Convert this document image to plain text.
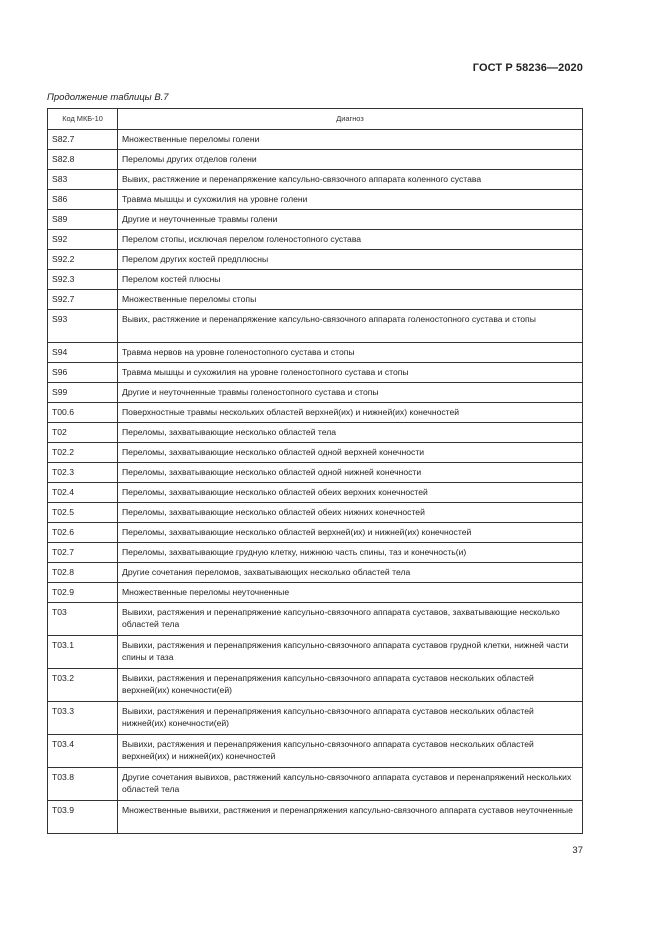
ГОСТ Р 58236—2020
Продолжение таблицы В.7
Код МКБ-10	Диагноз
S82.7	Множественные переломы голени
S82.8	Переломы других отделов голени
S83	Вывих, растяжение и перенапряжение капсульно-связочного аппарата коленного сустава
S86	Травма мышцы и сухожилия на уровне голени
S89	Другие и неуточненные травмы голени
S92	Перелом стопы, исключая перелом голеностопного сустава
S92.2	Перелом других костей предплюсны
S92.3	Перелом костей плюсны
S92.7	Множественные переломы стопы
S93	Вывих, растяжение и перенапряжение капсульно-связочного аппарата голеностопного сустава и стопы
S94	Травма нервов на уровне голеностопного сустава и стопы
S96	Травма мышцы и сухожилия на уровне голеностопного сустава и стопы
S99	Другие и неуточненные травмы голеностопного сустава и стопы
T00.6	Поверхностные травмы нескольких областей верхней(их) и нижней(их) конечностей
T02	Переломы, захватывающие несколько областей тела
T02.2	Переломы, захватывающие несколько областей одной верхней конечности
T02.3	Переломы, захватывающие несколько областей одной нижней конечности
T02.4	Переломы, захватывающие несколько областей обеих верхних конечностей
T02.5	Переломы, захватывающие несколько областей обеих нижних конечностей
T02.6	Переломы, захватывающие несколько областей верхней(их) и нижней(их) конечностей
T02.7	Переломы, захватывающие грудную клетку, нижнюю часть спины, таз и конечность(и)
T02.8	Другие сочетания переломов, захватывающих несколько областей тела
T02.9	Множественные переломы неуточненные
T03	Вывихи, растяжения и перенапряжение капсульно-связочного аппарата суставов, захватывающие несколько областей тела
T03.1	Вывихи, растяжения и перенапряжения капсульно-связочного аппарата суставов грудной клетки, нижней части спины и таза
T03.2	Вывихи, растяжения и перенапряжения капсульно-связочного аппарата суставов нескольких областей верхней(их) конечности(ей)
T03.3	Вывихи, растяжения и перенапряжения капсульно-связочного аппарата суставов нескольких областей нижней(их) конечности(ей)
T03.4	Вывихи, растяжения и перенапряжения капсульно-связочного аппарата суставов нескольких областей верхней(их) и нижней(их) конечностей
T03.8	Другие сочетания вывихов, растяжений капсульно-связочного аппарата суставов и перенапряжений нескольких областей тела
T03.9	Множественные вывихи, растяжения и перенапряжения капсульно-связочного аппарата суставов неуточненные
37
